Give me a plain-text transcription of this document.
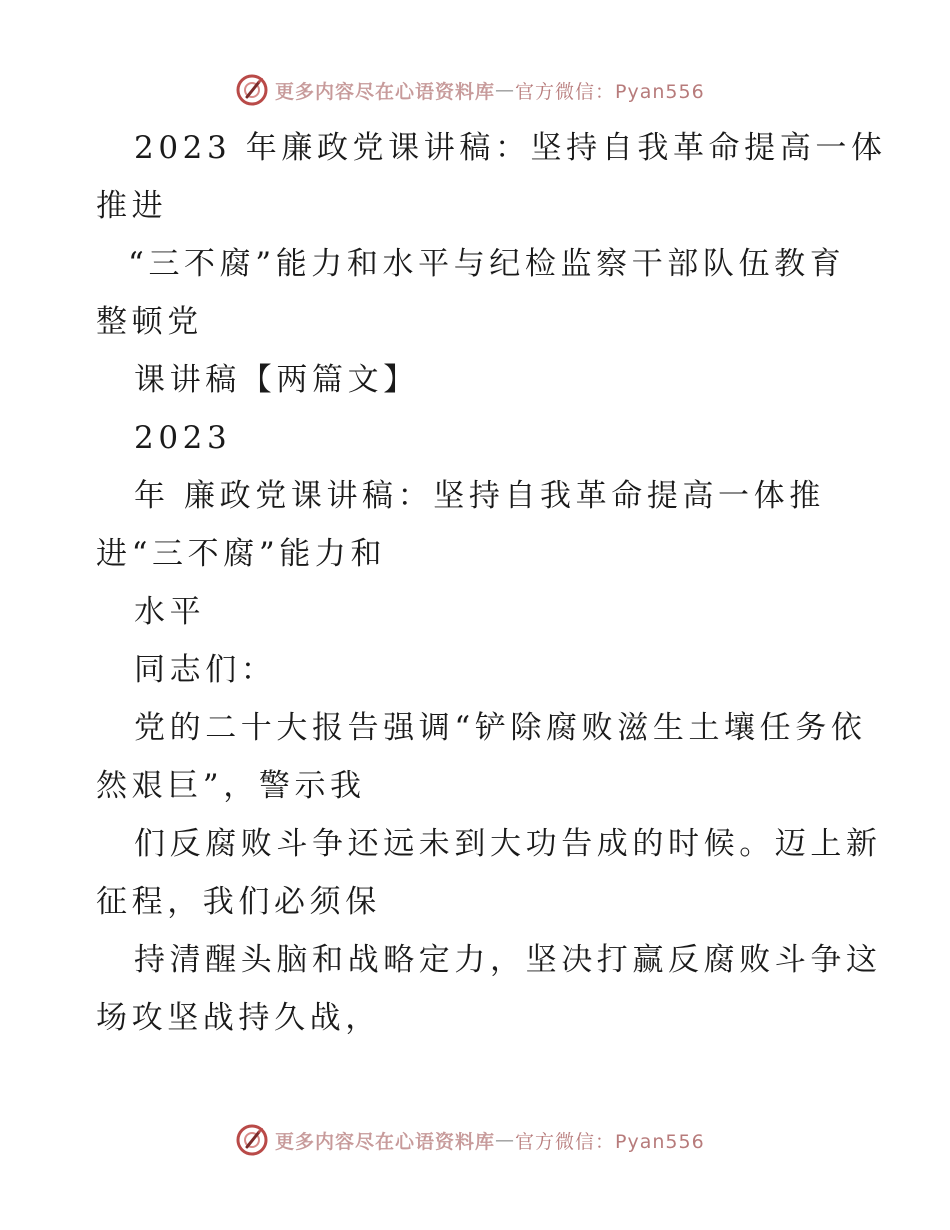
更多内容尽在心语资料库 — 官方微信：Pyan556
2023 年廉政党课讲稿：坚持自我革命提高一体
推进
“三不腐”能力和水平与纪检监察干部队伍教育
整顿党
课讲稿【两篇文】
2023
年 廉政党课讲稿：坚持自我革命提高一体推
进“三不腐”能力和
水平
同志们：
党的二十大报告强调“铲除腐败滋生土壤任务依
然艰巨”，警示我
们反腐败斗争还远未到大功告成的时候。迈上新
征程，我们必须保
持清醒头脑和战略定力，坚决打赢反腐败斗争这
场攻坚战持久战，
更多内容尽在心语资料库 — 官方微信：Pyan556
